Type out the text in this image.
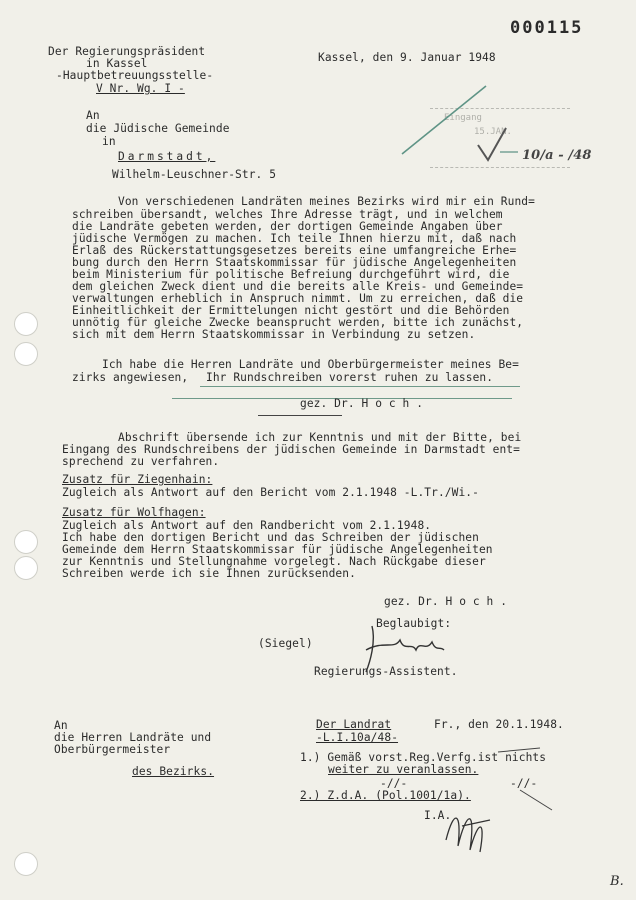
000115
Der Regierungspräsident
in Kassel
-Hauptbetreuungsstelle-
V Nr. Wg. I -
Kassel, den 9. Januar 1948
Eingang
15.JAN.
10/a - /48
An
die Jüdische Gemeinde
in
Darmstadt,
Wilhelm-Leuschner-Str. 5
Von verschiedenen Landräten meines Bezirks wird mir ein Rund=
schreiben übersandt, welches Ihre Adresse trägt, und in welchem
die Landräte gebeten werden, der dortigen Gemeinde Angaben über
jüdische Vermögen zu machen. Ich teile Ihnen hierzu mit, daß nach
Erlaß des Rückerstattungsgesetzes bereits eine umfangreiche Erhe=
bung durch den Herrn Staatskommissar für jüdische Angelegenheiten
beim Ministerium für politische Befreiung durchgeführt wird, die
dem gleichen Zweck dient und die bereits alle Kreis- und Gemeinde=
verwaltungen erheblich in Anspruch nimmt. Um zu erreichen, daß die
Einheitlichkeit der Ermittelungen nicht gestört und die Behörden
unnötig für gleiche Zwecke beansprucht werden, bitte ich zunächst,
sich mit dem Herrn Staatskommissar in Verbindung zu setzen.
Ich habe die Herren Landräte und Oberbürgermeister meines Be=
zirks angewiesen, Ihr Rundschreiben vorerst ruhen zu lassen.
gez. Dr. H o c h .
Abschrift übersende ich zur Kenntnis und mit der Bitte, bei
Eingang des Rundschreibens der jüdischen Gemeinde in Darmstadt ent=
sprechend zu verfahren.
Zusatz für Ziegenhain:
Zugleich als Antwort auf den Bericht vom 2.1.1948 -L.Tr./Wi.-
Zusatz für Wolfhagen:
Zugleich als Antwort auf den Randbericht vom 2.1.1948.
Ich habe den dortigen Bericht und das Schreiben der jüdischen
Gemeinde dem Herrn Staatskommissar für jüdische Angelegenheiten
zur Kenntnis und Stellungnahme vorgelegt. Nach Rückgabe dieser
Schreiben werde ich sie Ihnen zurücksenden.
gez. Dr. H o c h .
Beglaubigt:
(Siegel)
Regierungs-Assistent.
An
die Herren Landräte und
Oberbürgermeister
des Bezirks.
Der Landrat
-L.I.10a/48-
Fr., den 20.1.1948.
1.) Gemäß vorst.Reg.Verfg.ist nichts
weiter zu veranlassen.
-//-	-//-
2.) Z.d.A. (Pol.1001/1a).
I.A.
B.
